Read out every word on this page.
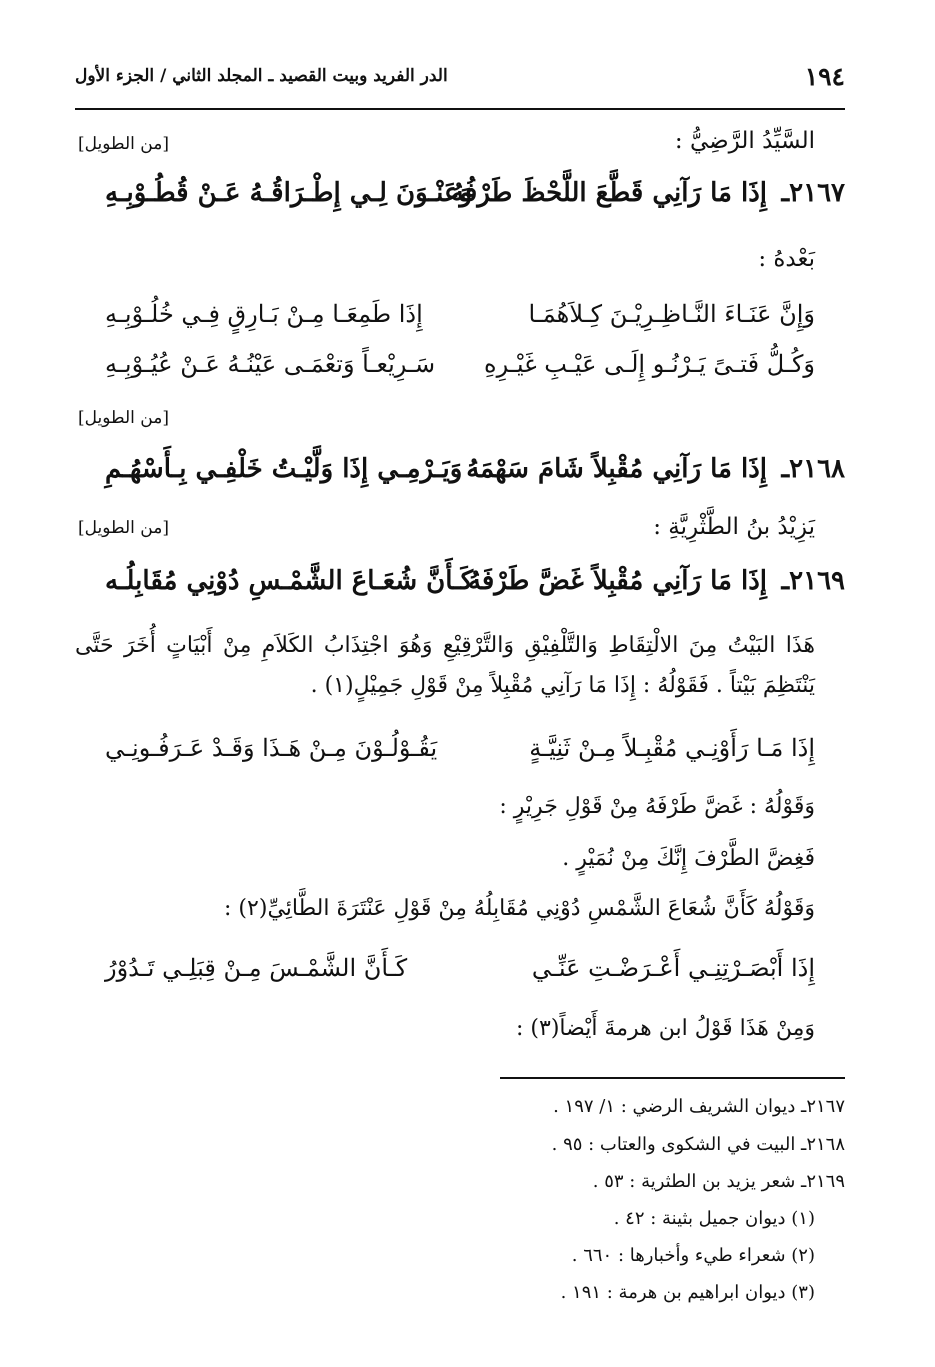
١٩٤
الدر الفريد وبيت القصيد ـ المجلد الثاني / الجزء الأول
السَّيِّدُ الرَّضِيُّ :
[من الطويل]
٢١٦٧ـ
إِذَا مَا رَآنِي قَطَّعَ اللَّحْظَ طَرْفُهُ
وَعَنْـوَنَ لِـي إِطْـرَاقُـهُ عَـنْ قُطُـوْبِـهِ
بَعْدهُ :
وَإِنَّ عَنَـاءَ النَّـاظِـرِيْـنَ كِـلاَهُمَـا
إِذَا طَمِعَـا مِـنْ بَـارِقٍ فِـي خُلُـوْبِـهِ
وَكُـلُّ فَتـىً يَـرْنُـو إِلَـى عَيْـبِ غَيْـرِهِ
سَـرِيْعـاً وَتعْمَـى عَيْنُـهُ عَـنْ عُيُـوْبِـهِ
[من الطويل]
٢١٦٨ـ
إِذَا مَا رَآنِي مُقْبِلاً شَامَ سَهْمَهُ
وَيَـرْمِـي إِذَا وَلَّيْـتُ خَلْفِـي بِـأَسْهُـمِ
يَزِيْدُ بنُ الطَّثْرِيَّةِ :
[من الطويل]
٢١٦٩ـ
إِذَا مَا رَآنِي مُقْبِلاً غَضَّ طَرْفَهُ
كَـأَنَّ شُعَـاعَ الشَّمْـسِ دُوْنِي مُقَابِلُـه
هَذَا البَيْتُ مِنَ الالْتِقَاطِ وَالتَّلْفِيْقِ وَالتَّرْقِيْعِ وَهُوَ اجْتِذَابُ الكَلاَمِ مِنْ أَبْيَاتٍ أُخَرَ حَتَّى يَنْتَظِمَ بَيْتاً . فَقَوْلُهُ : إِذَا مَا رَآنِي مُقْبِلاً مِنْ قَوْلِ جَمِيْلٍ(١) .
إِذَا مَـا رَأَوْنِـي مُقْبِـلاً مِـنْ ثَنِيَّـةٍ
يَقُـوْلُـوْنَ مِـنْ هَـذَا وَقَـدْ عَـرَفُـونِـي
وَقَوْلُهُ : غَضَّ طَرْفَهُ مِنْ قَوْلِ جَرِيْرٍ :
فَغِضَّ الطَّرْفَ إِنَّكَ مِنْ نُمَيْرٍ .
وَقَوْلُهُ كَأَنَّ شُعَاعَ الشَّمْسِ دُوْنِي مُقَابِلُهُ مِنْ قَوْلِ عَنْتَرَةَ الطَّائِيِّ(٢) :
إِذَا أَبْصَـرْتِنِـي أَعْـرَضْـتِ عَنِّـي
كَـأَنَّ الشَّمْـسَ مِـنْ قِبَلِـي تَـدُوْرُ
وَمِنْ هَذَا قَوْلُ ابن هرمةَ أَيْضاً(٣) :
٢١٦٧ـ ديوان الشريف الرضي : ١/ ١٩٧ .
٢١٦٨ـ البيت في الشكوى والعتاب : ٩٥ .
٢١٦٩ـ شعر يزيد بن الطثرية : ٥٣ .
(١) ديوان جميل بثينة : ٤٢ .
(٢) شعراء طيء وأخبارها : ٦٦٠ .
(٣) ديوان ابراهيم بن هرمة : ١٩١ .
